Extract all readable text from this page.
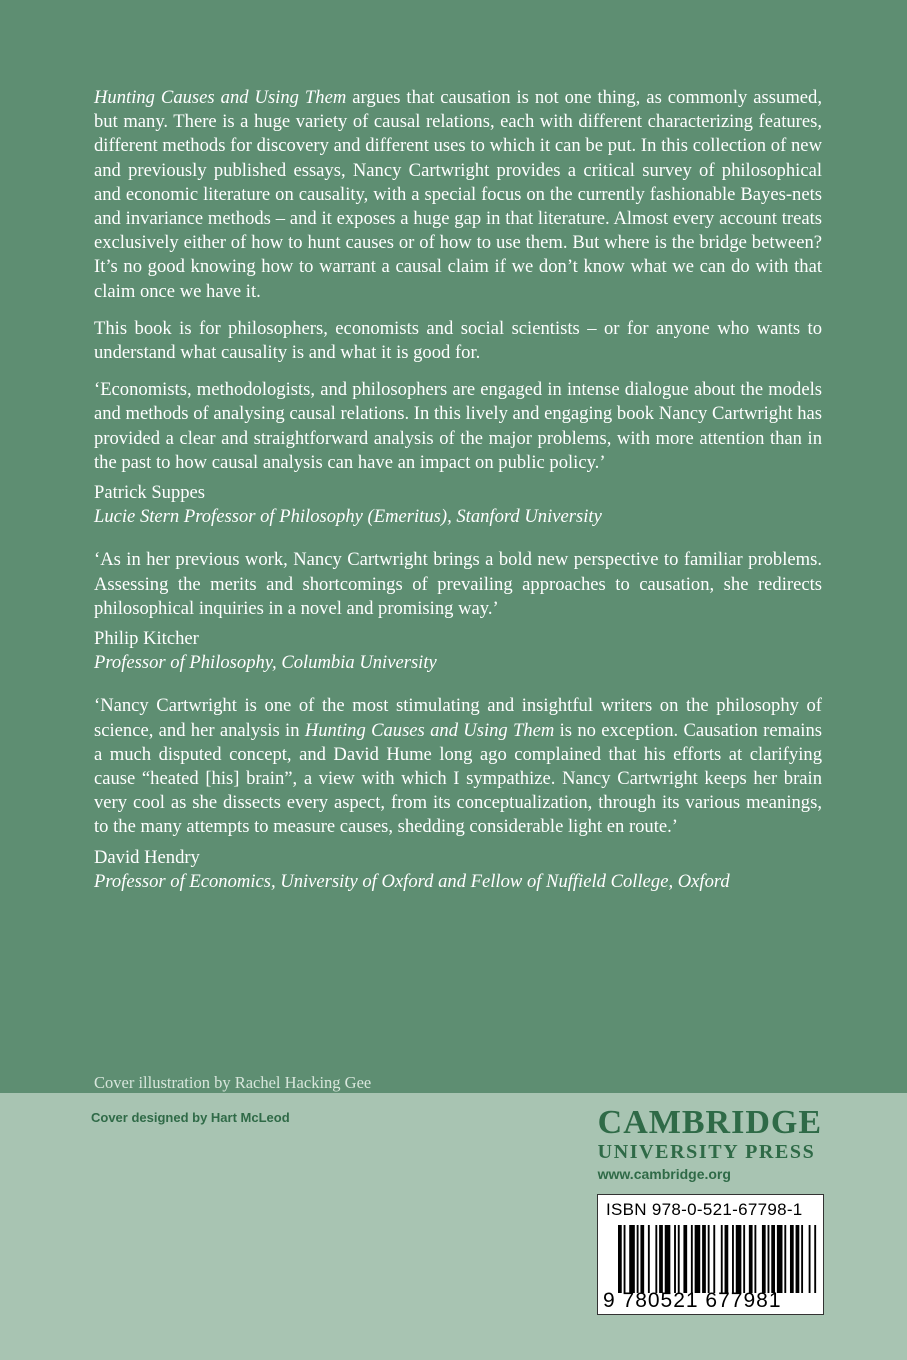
Hunting Causes and Using Them argues that causation is not one thing, as commonly assumed, but many. There is a huge variety of causal relations, each with different characterizing features, different methods for discovery and different uses to which it can be put. In this collection of new and previously published essays, Nancy Cartwright provides a critical survey of philosophical and economic literature on causality, with a special focus on the currently fashionable Bayes-nets and invariance methods – and it exposes a huge gap in that literature. Almost every account treats exclusively either of how to hunt causes or of how to use them. But where is the bridge between? It’s no good knowing how to warrant a causal claim if we don’t know what we can do with that claim once we have it.

This book is for philosophers, economists and social scientists – or for anyone who wants to understand what causality is and what it is good for.

‘Economists, methodologists, and philosophers are engaged in intense dialogue about the models and methods of analysing causal relations. In this lively and engaging book Nancy Cartwright has provided a clear and straightforward analysis of the major problems, with more attention than in the past to how causal analysis can have an impact on public policy.’

Patrick Suppes

Lucie Stern Professor of Philosophy (Emeritus), Stanford University

‘As in her previous work, Nancy Cartwright brings a bold new perspective to familiar problems. Assessing the merits and shortcomings of prevailing approaches to causation, she redirects philosophical inquiries in a novel and promising way.’

Philip Kitcher

Professor of Philosophy, Columbia University

‘Nancy Cartwright is one of the most stimulating and insightful writers on the philosophy of science, and her analysis in Hunting Causes and Using Them is no exception. Causation remains a much disputed concept, and David Hume long ago complained that his efforts at clarifying cause “heated [his] brain”, a view with which I sympathize. Nancy Cartwright keeps her brain very cool as she dissects every aspect, from its conceptualization, through its various meanings, to the many attempts to measure causes, shedding considerable light en route.’

David Hendry

Professor of Economics, University of Oxford and Fellow of Nuffield College, Oxford

Cover illustration by Rachel Hacking Gee
Cover designed by Hart McLeod	CAMBRIDGE
UNIVERSITY PRESS
www.cambridge.org
ISBN 978-0-521-67798-1
9 780521 677981
